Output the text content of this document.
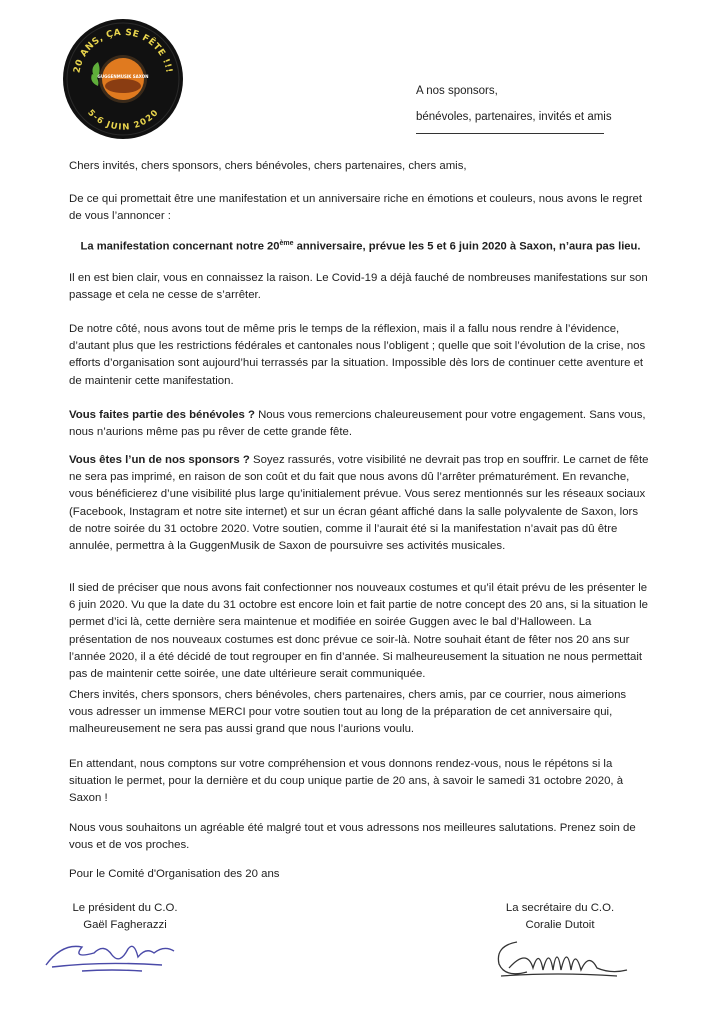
20 ANS, ÇA SE FÊTE !!!
5-6 JUIN 2020
GUGGENMUSIK SAXON
A nos sponsors,
bénévoles, partenaires, invités et amis
Chers invités, chers sponsors, chers bénévoles, chers partenaires, chers amis,
De ce qui promettait être une manifestation et un anniversaire riche en émotions et couleurs, nous avons le regret de vous l’annoncer :
La manifestation concernant notre 20ème anniversaire, prévue les 5 et 6 juin 2020 à Saxon, n’aura pas lieu.
Il en est bien clair, vous en connaissez la raison. Le Covid-19 a déjà fauché de nombreuses manifestations sur son passage et cela ne cesse de s’arrêter.
De notre côté, nous avons tout de même pris le temps de la réflexion, mais il a fallu nous rendre à l’évidence, d’autant plus que les restrictions fédérales et cantonales nous l’obligent ; quelle que soit l’évolution de la crise, nos efforts d’organisation sont aujourd’hui terrassés par la situation. Impossible dès lors de continuer cette aventure et de maintenir cette manifestation.
Vous faites partie des bénévoles ? Nous vous remercions chaleureusement pour votre engagement. Sans vous, nous n’aurions même pas pu rêver de cette grande fête.
Vous êtes l’un de nos sponsors ? Soyez rassurés, votre visibilité ne devrait pas trop en souffrir. Le carnet de fête ne sera pas imprimé, en raison de son coût et du fait que nous avons dû l’arrêter prématurément. En revanche, vous bénéficierez d’une visibilité plus large qu’initialement prévue. Vous serez mentionnés sur les réseaux sociaux (Facebook, Instagram et notre site internet) et sur un écran géant affiché dans la salle polyvalente de Saxon, lors de notre soirée du 31 octobre 2020. Votre soutien, comme il l’aurait été si la manifestation n’avait pas dû être annulée, permettra à la GuggenMusik de Saxon de poursuivre ses activités musicales.
Il sied de préciser que nous avons fait confectionner nos nouveaux costumes et qu’il était prévu de les présenter le 6 juin 2020. Vu que la date du 31 octobre est encore loin et fait partie de notre concept des 20 ans, si la situation le permet d’ici là, cette dernière sera maintenue et modifiée en soirée Guggen avec le bal d’Halloween. La présentation de nos nouveaux costumes est donc prévue ce soir-là. Notre souhait étant de fêter nos 20 ans sur l’année 2020, il a été décidé de tout regrouper en fin d’année. Si malheureusement la situation ne nous permettait pas de maintenir cette soirée, une date ultérieure serait communiquée.
Chers invités, chers sponsors, chers bénévoles, chers partenaires, chers amis, par ce courrier, nous aimerions vous adresser un immense MERCI pour votre soutien tout au long de la préparation de cet anniversaire qui, malheureusement ne sera pas aussi grand que nous l’aurions voulu.
En attendant, nous comptons sur votre compréhension et vous donnons rendez-vous, nous le répétons si la situation le permet, pour la dernière et du coup unique partie de 20 ans, à savoir le samedi 31 octobre 2020, à Saxon !
Nous vous souhaitons un agréable été malgré tout et vous adressons nos meilleures salutations. Prenez soin de vous et de vos proches.
Pour le Comité d'Organisation des 20 ans
Le président du C.O.
Gaël Fagherazzi
La secrétaire du C.O.
Coralie Dutoit
